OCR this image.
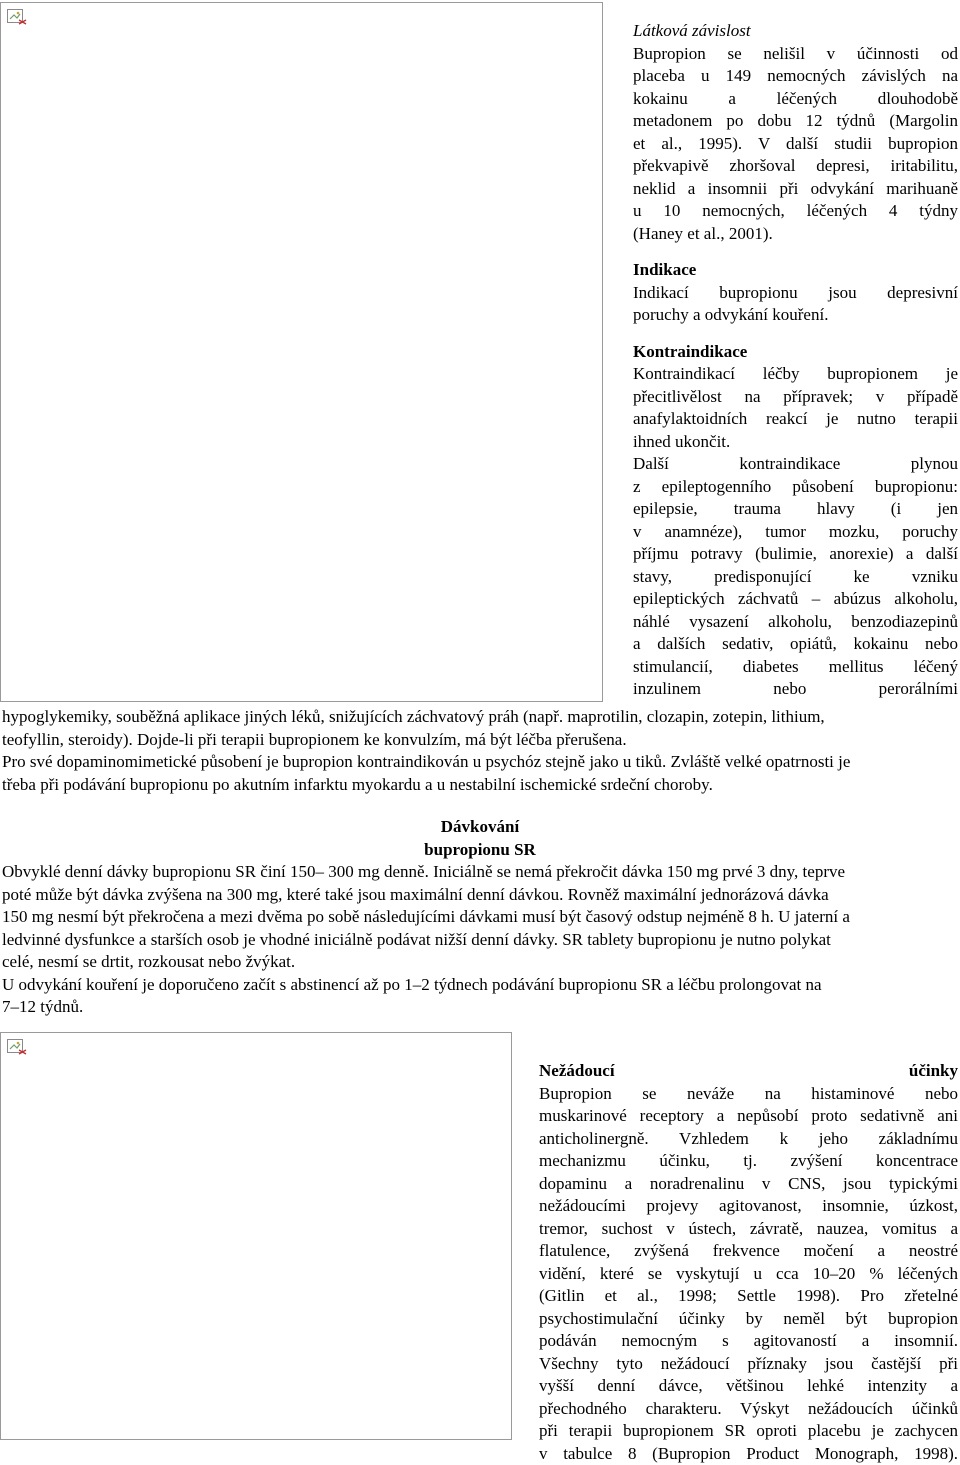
Látková závislost

Bupropion se nelišil v účinnosti od

placeba u 149 nemocných závislých na

kokainu a léčených dlouhodobě

metadonem po dobu 12 týdnů (Margolin

et al., 1995). V další studii bupropion

překvapivě zhoršoval depresi, iritabilitu,

neklid a insomnii při odvykání marihuaně

u 10 nemocných, léčených 4 týdny

(Haney et al., 2001).

Indikace

Indikací bupropionu jsou depresivní

poruchy a odvykání kouření.

Kontraindikace

Kontraindikací léčby bupropionem je

přecitlivělost na přípravek; v případě

anafylaktoidních reakcí je nutno terapii

ihned ukončit.

Další kontraindikace plynou

z epileptogenního působení bupropionu:

epilepsie, trauma hlavy (i jen

v anamnéze), tumor mozku, poruchy

příjmu potravy (bulimie, anorexie) a další

stavy, predisponující ke vzniku

epileptických záchvatů – abúzus alkoholu,

náhlé vysazení alkoholu, benzodiazepinů

a dalších sedativ, opiátů, kokainu nebo

stimulancií, diabetes mellitus léčený

inzulinem nebo perorálními

hypoglykemiky, souběžná aplikace jiných léků, snižujících záchvatový práh (např. maprotilin, clozapin, zotepin, lithium,

teofyllin, steroidy). Dojde-li při terapii bupropionem ke konvulzím, má být léčba přerušena.

Pro své dopaminomimetické působení je bupropion kontraindikován u psychóz stejně jako u tiků. Zvláště velké opatrnosti je

třeba při podávání bupropionu po akutním infarktu myokardu a u nestabilní ischemické srdeční choroby.

Dávkování

bupropionu SR

Obvyklé denní dávky bupropionu SR činí 150– 300 mg denně. Iniciálně se nemá překročit dávka 150 mg prvé 3 dny, teprve

poté může být dávka zvýšena na 300 mg, které také jsou maximální denní dávkou. Rovněž maximální jednorázová dávka

150 mg nesmí být překročena a mezi dvěma po sobě následujícími dávkami musí být časový odstup nejméně 8 h. U jaterní a

ledvinné dysfunkce a starších osob je vhodné iniciálně podávat nižší denní dávky. SR tablety bupropionu je nutno polykat

celé, nesmí se drtit, rozkousat nebo žvýkat.

U odvykání kouření je doporučeno začít s abstinencí až po 1–2 týdnech podávání bupropionu SR a léčbu prolongovat na

7–12 týdnů.

Nežádoucí účinky

Bupropion se neváže na histaminové nebo

muskarinové receptory a nepůsobí proto sedativně ani

anticholinergně. Vzhledem k jeho základnímu

mechanizmu účinku, tj. zvýšení koncentrace

dopaminu a noradrenalinu v CNS, jsou typickými

nežádoucími projevy agitovanost, insomnie, úzkost,

tremor, suchost v ústech, závratě, nauzea, vomitus a

flatulence, zvýšená frekvence močení a neostré

vidění, které se vyskytují u cca 10–20 % léčených

(Gitlin et al., 1998; Settle 1998). Pro zřetelné

psychostimulační účinky by neměl být bupropion

podáván nemocným s agitovaností a insomnií.

Všechny tyto nežádoucí příznaky jsou častější při

vyšší denní dávce, většinou lehké intenzity a

přechodného charakteru. Výskyt nežádoucích účinků

při terapii bupropionem SR oproti placebu je zachycen

v tabulce 8 (Bupropion Product Monograph, 1998).
